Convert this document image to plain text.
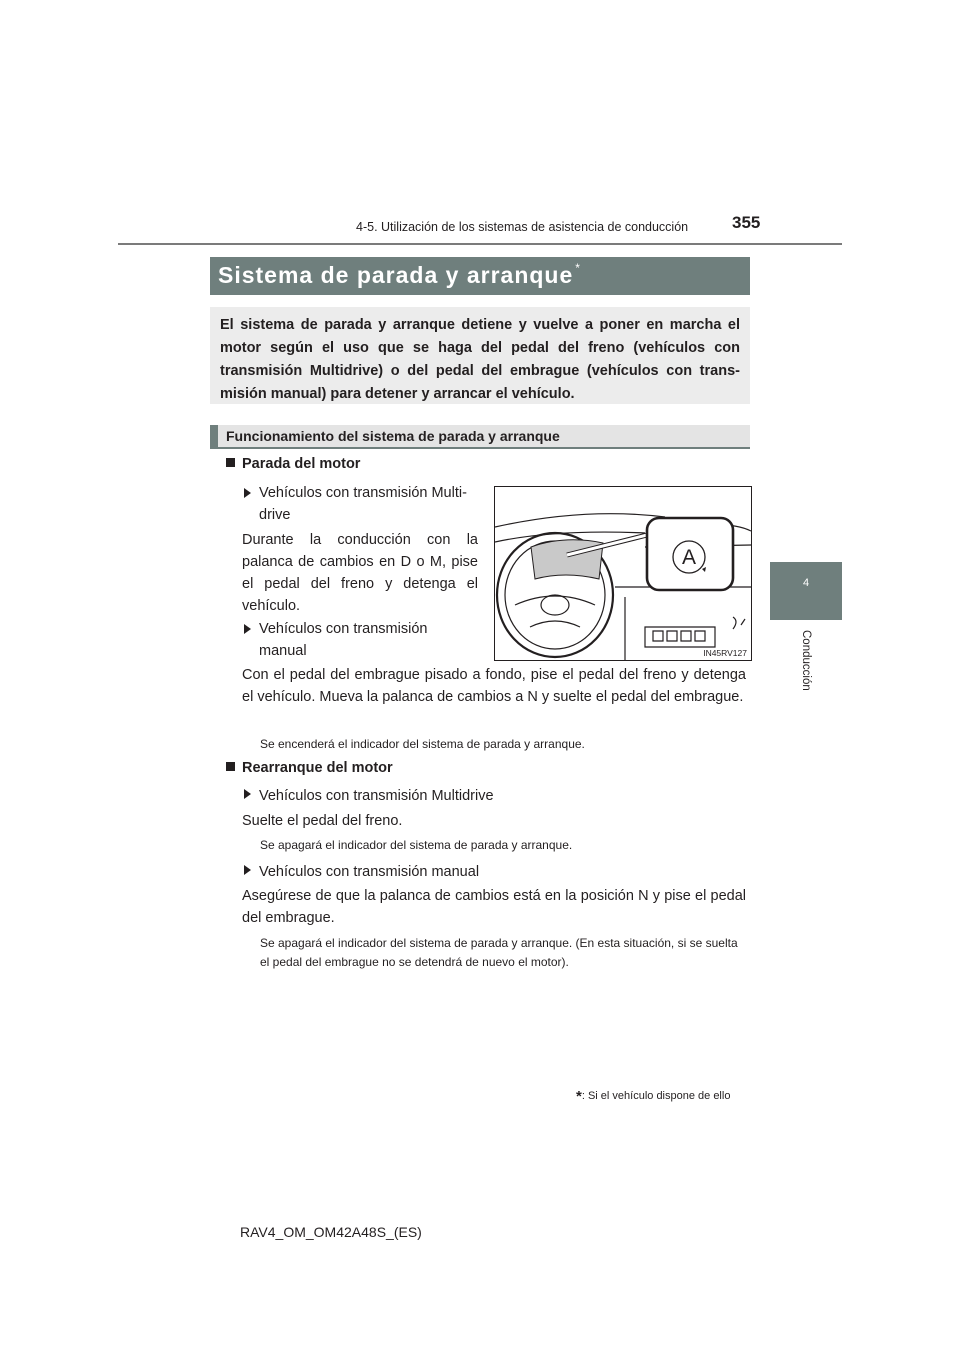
4-5. Utilización de los sistemas de asistencia de conducción	355
4
Conducción
Sistema de parada y arranque *
El sistema de parada y arranque detiene y vuelve a poner en marcha el motor según el uso que se haga del pedal del freno (vehículos con transmisión Multidrive) o del pedal del embrague (vehículos con transmisión manual) para detener y arrancar el vehículo.
Funcionamiento del sistema de parada y arranque
Parada del motor
Vehículos con transmisión Multi-drive
Durante la conducción con la palanca de cambios en D o M, pise el pedal del freno y detenga el vehículo.
Vehículos con transmisión manual
Con el pedal del embrague pisado a fondo, pise el pedal del freno y detenga el vehículo. Mueva la palanca de cambios a N y suelte el pedal del embrague.
Se encenderá el indicador del sistema de parada y arranque.
A
IN45RV127
Rearranque del motor
Vehículos con transmisión Multidrive
Suelte el pedal del freno.
Se apagará el indicador del sistema de parada y arranque.
Vehículos con transmisión manual
Asegúrese de que la palanca de cambios está en la posición N y pise el pedal del embrague.
Se apagará el indicador del sistema de parada y arranque. (En esta situación, si se suelta el pedal del embrague no se detendrá de nuevo el motor).
*: Si el vehículo dispone de ello
RAV4_OM_OM42A48S_(ES)
